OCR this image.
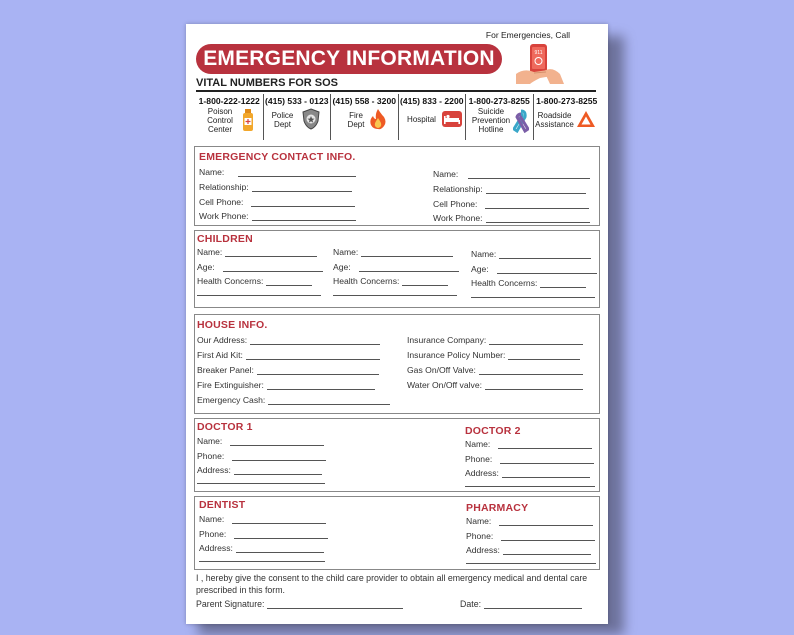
EMERGENCY INFORMATION
For Emergencies, Call
911
VITAL NUMBERS FOR SOS
1-800-222-1222
Poison
Control
Center
(415) 533 - 0123
Police
Dept
(415) 558 - 3200
Fire
Dept
(415) 833 - 2200
Hospital
1-800-273-8255
Suicide
Prevention
Hotline
1-800-273-8255
Roadside
Assistance
EMERGENCY CONTACT INFO.
Name:
Relationship:
Cell Phone:
Work Phone:
Name:
Relationship:
Cell Phone:
Work Phone:
CHILDREN
Name:
Age:
Health Concerns:
Name:
Age:
Health Concerns:
Name:
Age:
Health Concerns:
HOUSE INFO.
Our Address:
First Aid Kit:
Breaker Panel:
Fire Extinguisher:
Emergency Cash:
Insurance Company:
Insurance Policy Number:
Gas On/Off Valve:
Water On/Off valve:
DOCTOR 1
Name:
Phone:
Address:
DOCTOR 2
Name:
Phone:
Address:
DENTIST
Name:
Phone:
Address:
PHARMACY
Name:
Phone:
Address:
I , hereby give the consent to the child care provider to obtain all emergency medical and dental care prescribed in this form.
Parent Signature:	Date:
